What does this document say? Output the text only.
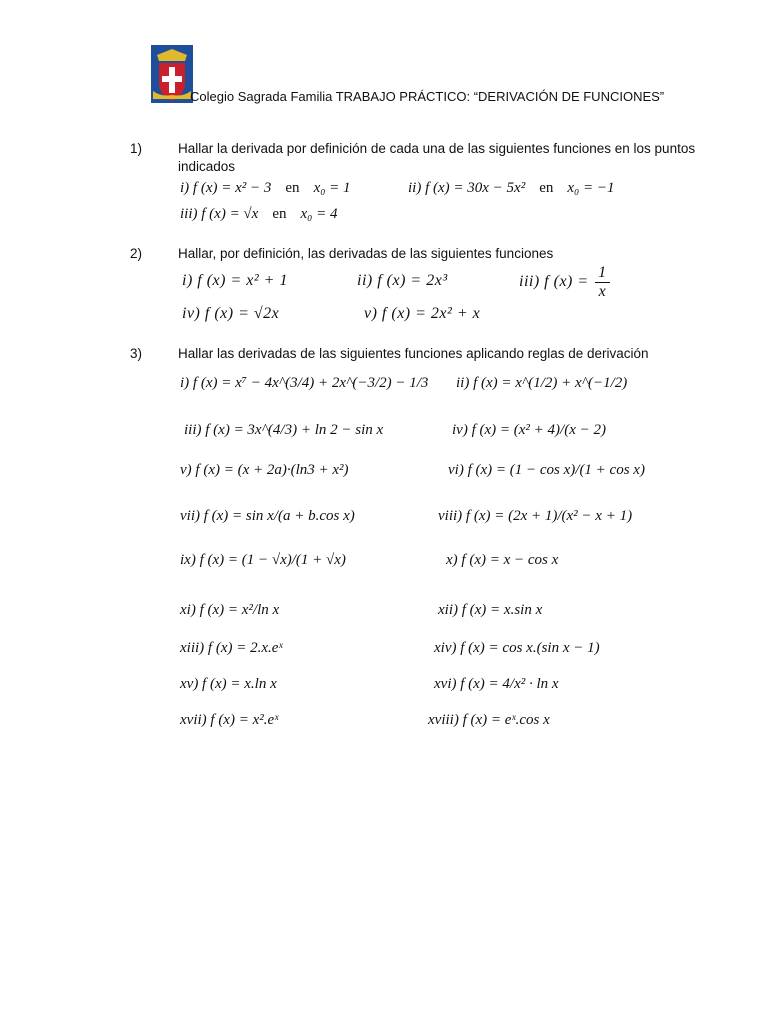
Colegio Sagrada Familia TRABAJO PRÁCTICO: “DERIVACIÓN DE FUNCIONES”
1)	Hallar la derivada por definición de cada una de las siguientes funciones en los puntos indicados
i) f (x) = x² − 3 en x₀ = 1	ii) f (x) = 30x − 5x² en x₀ = −1
iii) f (x) = √x en x₀ = 4
2)	Hallar, por definición, las derivadas de las siguientes funciones
i) f (x) = x² + 1	ii) f (x) = 2x³	iii) f $(x) = \frac{1}{x}$
iv) f (x) = √2x	v) f (x) = 2x² + x
3)	Hallar las derivadas de las siguientes funciones aplicando reglas de derivación
i) f (x) = x⁷ − 4x^(3/4) + 2x^(−3/2) − 1/3 ii) f (x) = x^(1/2) + x^(−1/2)
iii) f (x) = 3x^(4/3) + ln 2 − sin x	iv) f (x) = (x² + 4)/(x − 2)
v) f (x) = (x + 2a)·(ln3 + x²)	vi) f (x) = (1 − cos x)/(1 + cos x)
vii) f (x) = sin x/(a + b.cos x)	viii) f (x) = (2x + 1)/(x² − x + 1)
ix) f (x) = (1 − √x)/(1 + √x)	x) f (x) = x − cos x
xi) f (x) = x²/ln x	xii) f (x) = x.sin x
xiii) f (x) = 2.x.eˣ	xiv) f (x) = cos x.(sin x − 1)
xv) f (x) = x.ln x	xvi) f (x) = 4/x² · ln x
xvii) f (x) = x².eˣ	xviii) f (x) = eˣ.cos x
